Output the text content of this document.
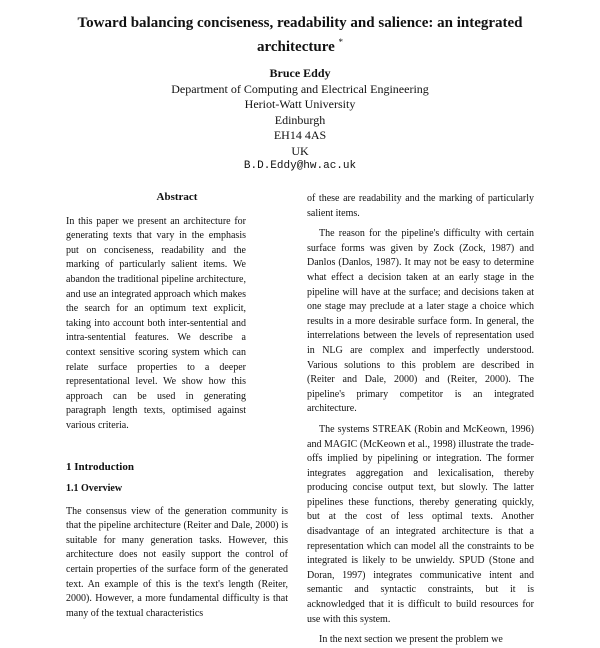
Toward balancing conciseness, readability and salience: an integrated architecture *
Bruce Eddy
Department of Computing and Electrical Engineering
Heriot-Watt University
Edinburgh
EH14 4AS
UK
B.D.Eddy@hw.ac.uk
Abstract

In this paper we present an architecture for generating texts that vary in the emphasis put on conciseness, readability and the marking of particularly salient items. We abandon the traditional pipeline architecture, and use an integrated approach which makes the search for an optimum text explicit, taking into account both inter-sentential and intra-sentential features. We describe a context sensitive scoring system which can relate surface properties to a deeper representational level. We show how this approach can be used in generating paragraph length texts, optimised against various criteria.

1 Introduction
1.1 Overview

The consensus view of the generation community is that the pipeline architecture (Reiter and Dale, 2000) is suitable for many generation tasks. However, this architecture does not easily support the control of certain properties of the surface form of the generated text. An example of this is the text's length (Reiter, 2000). However, a more fundamental difficulty is that many of the textual characteristics

of these are readability and the marking of particularly salient items.

The reason for the pipeline's difficulty with certain surface forms was given by Zock (Zock, 1987) and Danlos (Danlos, 1987). It may not be easy to determine what effect a decision taken at an early stage in the pipeline will have at the surface; and decisions taken at one stage may preclude at a later stage a choice which results in a more desirable surface form. In general, the interrelations between the levels of representation used in NLG are complex and imperfectly understood. Various solutions to this problem are described in (Reiter and Dale, 2000) and (Reiter, 2000). The pipeline's primary competitor is an integrated architecture.

The systems STREAK (Robin and McKeown, 1996) and MAGIC (McKeown et al., 1998) illustrate the trade-offs implied by pipelining or integration. The former integrates aggregation and lexicalisation, thereby producing concise output text, but slowly. The latter pipelines these functions, thereby generating quickly, but at the cost of less optimal texts. Another disadvantage of an integrated architecture is that a representation which can model all the constraints to be integrated is likely to be unwieldy. SPUD (Stone and Doran, 1997) integrates communicative intent and semantic and syntactic constraints, but it is acknowledged that it is difficult to build resources for use with this system.

In the next section we present the problem we
